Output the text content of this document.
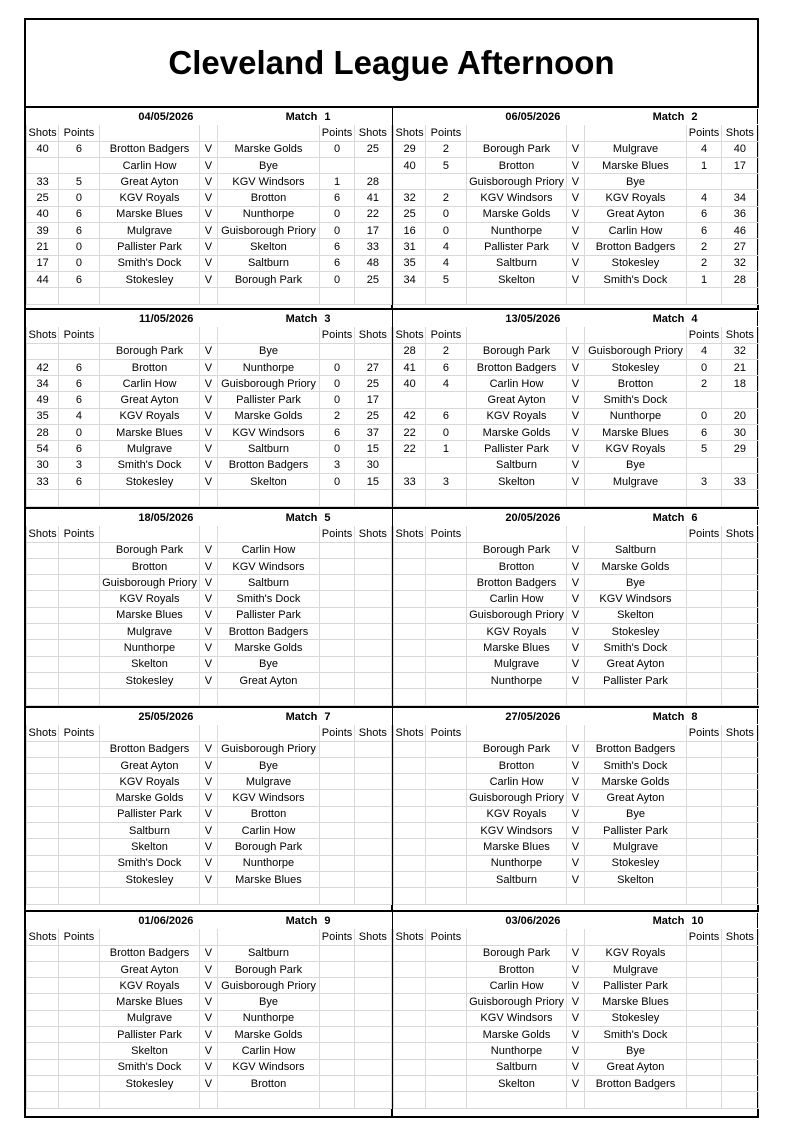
Cleveland League Afternoon
		04/05/2026		Match	1	
Shots	Points				Points	Shots
40	6	Brotton Badgers	V	Marske Golds	0	25
		Carlin How	V	Bye		
33	5	Great Ayton	V	KGV Windsors	1	28
25	0	KGV Royals	V	Brotton	6	41
40	6	Marske Blues	V	Nunthorpe	0	22
39	6	Mulgrave	V	Guisborough Priory	0	17
21	0	Pallister Park	V	Skelton	6	33
17	0	Smith's Dock	V	Saltburn	6	48
44	6	Stokesley	V	Borough Park	0	25

		06/05/2026		Match	2	
Shots	Points				Points	Shots
29	2	Borough Park	V	Mulgrave	4	40
40	5	Brotton	V	Marske Blues	1	17
		Guisborough Priory	V	Bye		
32	2	KGV Windsors	V	KGV Royals	4	34
25	0	Marske Golds	V	Great Ayton	6	36
16	0	Nunthorpe	V	Carlin How	6	46
31	4	Pallister Park	V	Brotton Badgers	2	27
35	4	Saltburn	V	Stokesley	2	32
34	5	Skelton	V	Smith's Dock	1	28

		11/05/2026		Match	3	
Shots	Points				Points	Shots
		Borough Park	V	Bye		
42	6	Brotton	V	Nunthorpe	0	27
34	6	Carlin How	V	Guisborough Priory	0	25
49	6	Great Ayton	V	Pallister Park	0	17
35	4	KGV Royals	V	Marske Golds	2	25
28	0	Marske Blues	V	KGV Windsors	6	37
54	6	Mulgrave	V	Saltburn	0	15
30	3	Smith's Dock	V	Brotton Badgers	3	30
33	6	Stokesley	V	Skelton	0	15

		13/05/2026		Match	4	
Shots	Points				Points	Shots
28	2	Borough Park	V	Guisborough Priory	4	32
41	6	Brotton Badgers	V	Stokesley	0	21
40	4	Carlin How	V	Brotton	2	18
		Great Ayton	V	Smith's Dock		
42	6	KGV Royals	V	Nunthorpe	0	20
22	0	Marske Golds	V	Marske Blues	6	30
22	1	Pallister Park	V	KGV Royals	5	29
		Saltburn	V	Bye		
33	3	Skelton	V	Mulgrave	3	33

		18/05/2026		Match	5	
Shots	Points				Points	Shots
		Borough Park	V	Carlin How		
		Brotton	V	KGV Windsors		
		Guisborough Priory	V	Saltburn		
		KGV Royals	V	Smith's Dock		
		Marske Blues	V	Pallister Park		
		Mulgrave	V	Brotton Badgers		
		Nunthorpe	V	Marske Golds		
		Skelton	V	Bye		
		Stokesley	V	Great Ayton		

		20/05/2026		Match	6	
Shots	Points				Points	Shots
		Borough Park	V	Saltburn		
		Brotton	V	Marske Golds		
		Brotton Badgers	V	Bye		
		Carlin How	V	KGV Windsors		
		Guisborough Priory	V	Skelton		
		KGV Royals	V	Stokesley		
		Marske Blues	V	Smith's Dock		
		Mulgrave	V	Great Ayton		
		Nunthorpe	V	Pallister Park		

		25/05/2026		Match	7	
Shots	Points				Points	Shots
		Brotton Badgers	V	Guisborough Priory		
		Great Ayton	V	Bye		
		KGV Royals	V	Mulgrave		
		Marske Golds	V	KGV Windsors		
		Pallister Park	V	Brotton		
		Saltburn	V	Carlin How		
		Skelton	V	Borough Park		
		Smith's Dock	V	Nunthorpe		
		Stokesley	V	Marske Blues		

		27/05/2026		Match	8	
Shots	Points				Points	Shots
		Borough Park	V	Brotton Badgers		
		Brotton	V	Smith's Dock		
		Carlin How	V	Marske Golds		
		Guisborough Priory	V	Great Ayton		
		KGV Royals	V	Bye		
		KGV Windsors	V	Pallister Park		
		Marske Blues	V	Mulgrave		
		Nunthorpe	V	Stokesley		
		Saltburn	V	Skelton		

		01/06/2026		Match	9	
Shots	Points				Points	Shots
		Brotton Badgers	V	Saltburn		
		Great Ayton	V	Borough Park		
		KGV Royals	V	Guisborough Priory		
		Marske Blues	V	Bye		
		Mulgrave	V	Nunthorpe		
		Pallister Park	V	Marske Golds		
		Skelton	V	Carlin How		
		Smith's Dock	V	KGV Windsors		
		Stokesley	V	Brotton		

		03/06/2026		Match	10	
Shots	Points				Points	Shots
		Borough Park	V	KGV Royals		
		Brotton	V	Mulgrave		
		Carlin How	V	Pallister Park		
		Guisborough Priory	V	Marske Blues		
		KGV Windsors	V	Stokesley		
		Marske Golds	V	Smith's Dock		
		Nunthorpe	V	Bye		
		Saltburn	V	Great Ayton		
		Skelton	V	Brotton Badgers		
